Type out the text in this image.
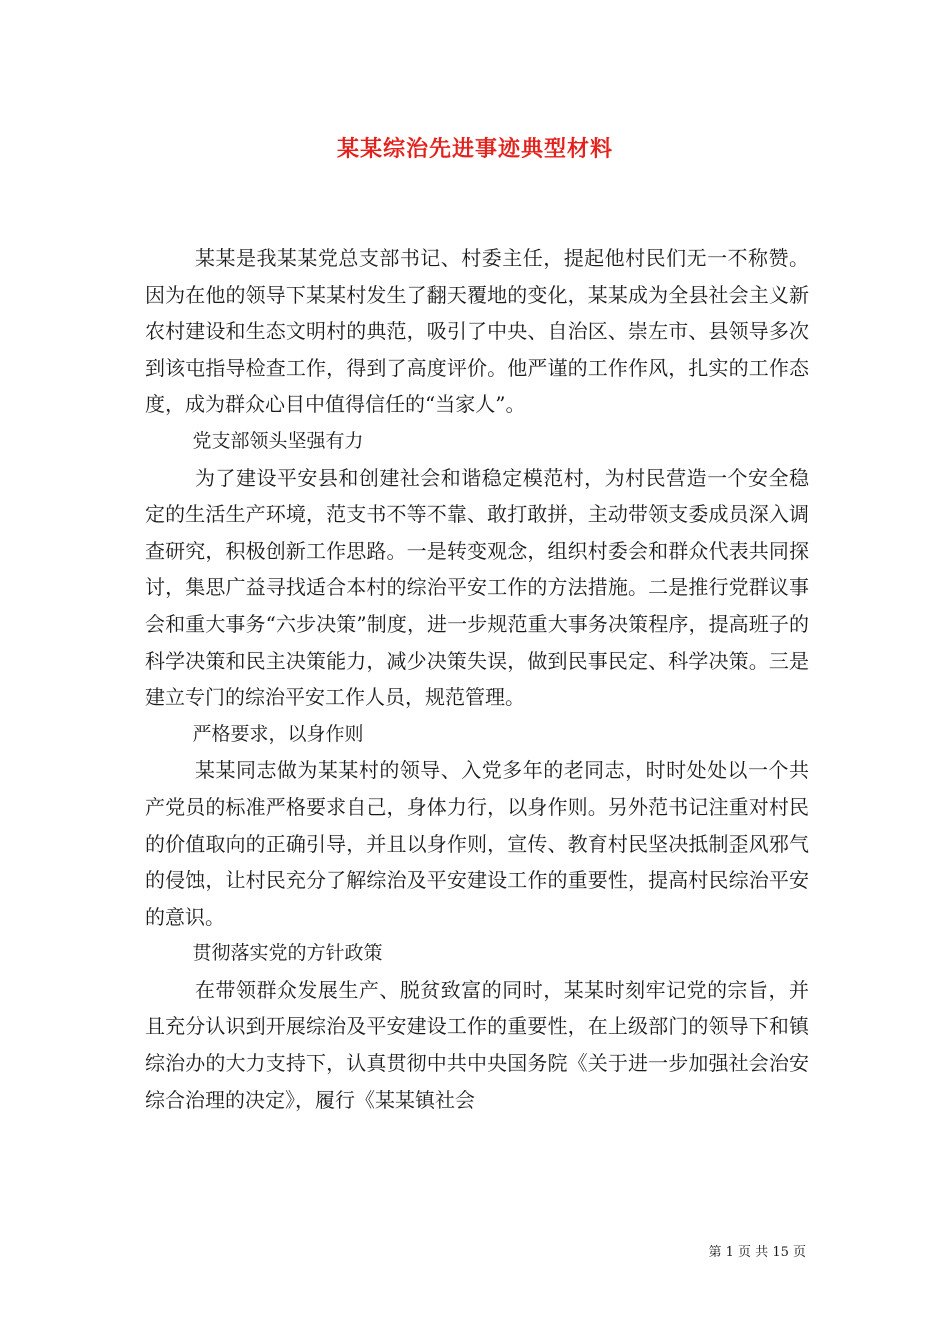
某某综治先进事迹典型材料

某某是我某某党总支部书记、村委主任，提起他村民们无一不称赞。因为在他的领导下某某村发生了翻天覆地的变化，某某成为全县社会主义新农村建设和生态文明村的典范，吸引了中央、自治区、崇左市、县领导多次到该屯指导检查工作，得到了高度评价。他严谨的工作作风，扎实的工作态度，成为群众心目中值得信任的“当家人”。

党支部领头坚强有力

为了建设平安县和创建社会和谐稳定模范村，为村民营造一个安全稳定的生活生产环境，范支书不等不靠、敢打敢拼，主动带领支委成员深入调查研究，积极创新工作思路。一是转变观念，组织村委会和群众代表共同探讨，集思广益寻找适合本村的综治平安工作的方法措施。二是推行党群议事会和重大事务“六步决策”制度，进一步规范重大事务决策程序，提高班子的科学决策和民主决策能力，减少决策失误，做到民事民定、科学决策。三是建立专门的综治平安工作人员，规范管理。

严格要求，以身作则

某某同志做为某某村的领导、入党多年的老同志，时时处处以一个共产党员的标准严格要求自己，身体力行，以身作则。另外范书记注重对村民的价值取向的正确引导，并且以身作则，宣传、教育村民坚决抵制歪风邪气的侵蚀，让村民充分了解综治及平安建设工作的重要性，提高村民综治平安的意识。

贯彻落实党的方针政策

在带领群众发展生产、脱贫致富的同时，某某时刻牢记党的宗旨，并且充分认识到开展综治及平安建设工作的重要性，在上级部门的领导下和镇综治办的大力支持下，认真贯彻中共中央国务院《关于进一步加强社会治安综合治理的决定》，履行《某某镇社会

第 1 页 共 15 页
